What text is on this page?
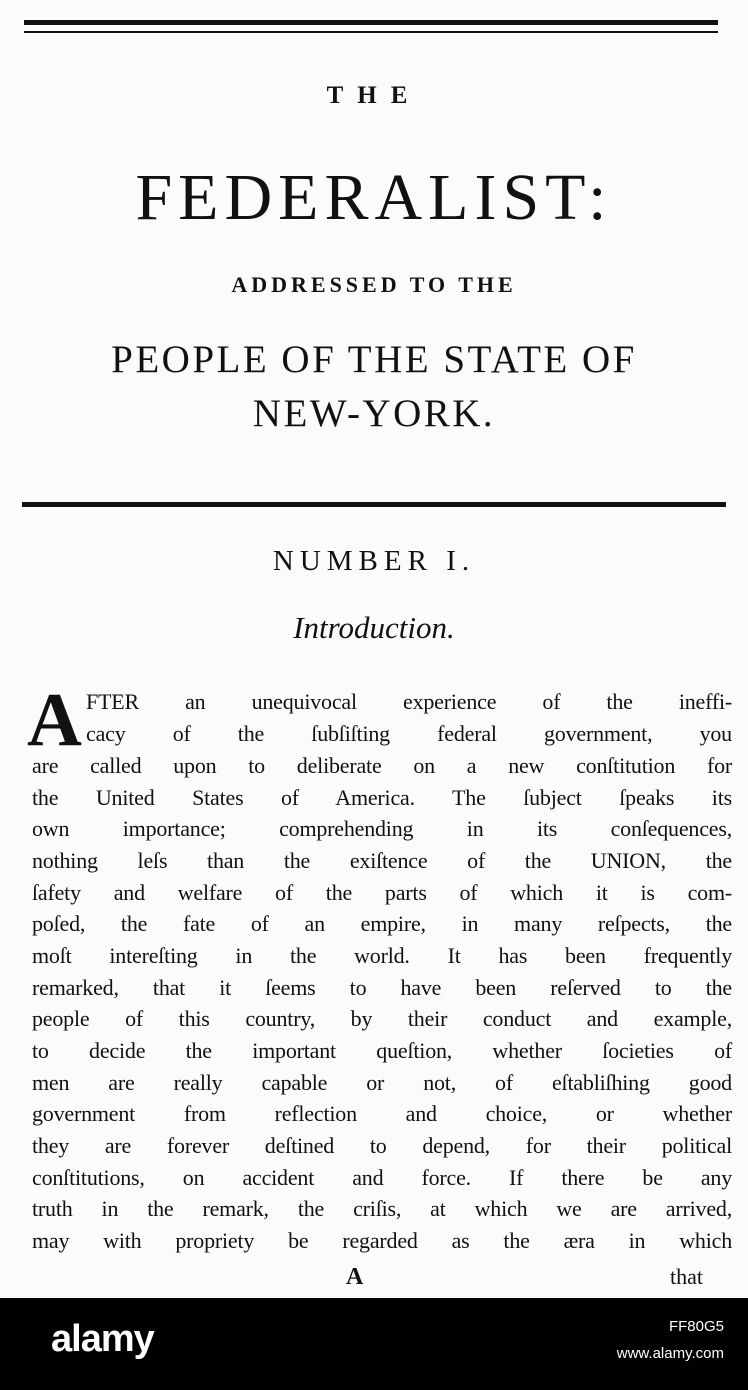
THE
FEDERALIST:
ADDRESSED TO THE
PEOPLE OF THE STATE OF
NEW-YORK.
NUMBER I.
Introduction.
A FTER an unequivocal experience of the ineffi-
cacy of the ſubſiſting federal government, you
are called upon to deliberate on a new conſtitution for
the United States of America. The ſubject ſpeaks its
own importance; comprehending in its conſequences,
nothing leſs than the exiſtence of the UNION, the
ſafety and welfare of the parts of which it is com-
poſed, the fate of an empire, in many reſpects, the
moſt intereſting in the world. It has been frequently
remarked, that it ſeems to have been reſerved to the
people of this country, by their conduct and example,
to decide the important queſtion, whether ſocieties of
men are really capable or not, of eſtabliſhing good
government from reflection and choice, or whether
they are forever deſtined to depend, for their political
conſtitutions, on accident and force. If there be any
truth in the remark, the criſis, at which we are arrived,
may with propriety be regarded as the æra in which
A	that
alamy	FF80G5
www.alamy.com
